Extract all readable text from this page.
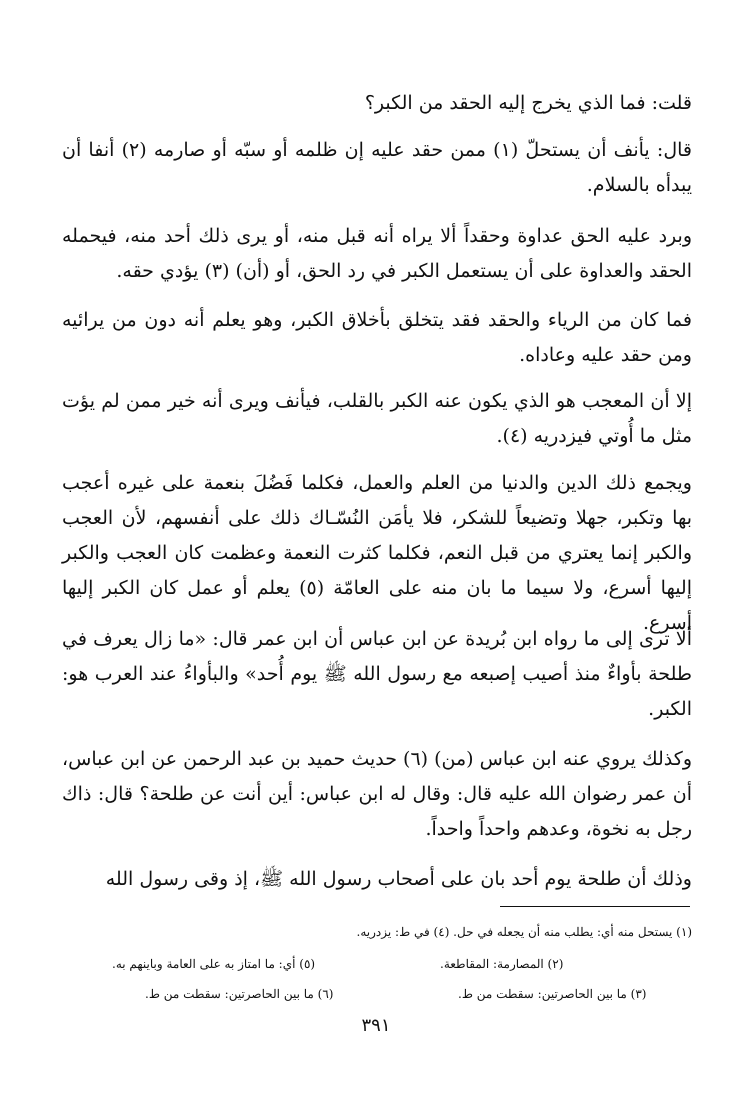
قلت: فما الذي يخرج إليه الحقد من الكبر؟

قال: يأنف أن يستحلّ (١) ممن حقد عليه إن ظلمه أو سبّه أو صارمه (٢) أنفا أن يبدأه بالسلام.

وبرد عليه الحق عداوة وحقداً ألا يراه أنه قبل منه، أو يرى ذلك أحد منه، فيحمله الحقد والعداوة على أن يستعمل الكبر في رد الحق، أو (أن) (٣) يؤدي حقه.

فما كان من الرياء والحقد فقد يتخلق بأخلاق الكبر، وهو يعلم أنه دون من يرائيه ومن حقد عليه وعاداه.

إلا أن المعجب هو الذي يكون عنه الكبر بالقلب، فيأنف ويرى أنه خير ممن لم يؤت مثل ما أُوتي فيزدريه (٤).

ويجمع ذلك الدين والدنيا من العلم والعمل، فكلما فَضُلَ بنعمة على غيره أعجب بها وتكبر، جهلا وتضيعاً للشكر، فلا يأمَن النُسّـاك ذلك على أنفسهم، لأن العجب والكبر إنما يعتري من قبل النعم، فكلما كثرت النعمة وعظمت كان العجب والكبر إليها أسرع، ولا سيما ما بان منه على العامّة (٥) يعلم أو عمل كان الكبر إليها أسرع.

ألا ترى إلى ما رواه ابن بُريدة عن ابن عباس أن ابن عمر قال: «ما زال يعرف في طلحة بأواءٌ منذ أصيب إصبعه مع رسول الله ﷺ يوم أُحد» والبأواءُ عند العرب هو: الكبر.

وكذلك يروي عنه ابن عباس (من) (٦) حديث حميد بن عبد الرحمن عن ابن عباس، أن عمر رضوان الله عليه قال: وقال له ابن عباس: أين أنت عن طلحة؟ قال: ذاك رجل به نخوة، وعدهم واحداً واحداً.

وذلك أن طلحة يوم أحد بان على أصحاب رسول الله ﷺ، إذ وقى رسول الله

(١) يستحل منه أي: يطلب منه أن يجعله في حل. (٤) في ط: يزدريه.
(٢) المصارمة: المقاطعة.
(٥) أي: ما امتاز به على العامة وباينهم به.
(٣) ما بين الحاصرتين: سقطت من ط.
(٦) ما بين الحاصرتين: سقطت من ط.
٣٩١
